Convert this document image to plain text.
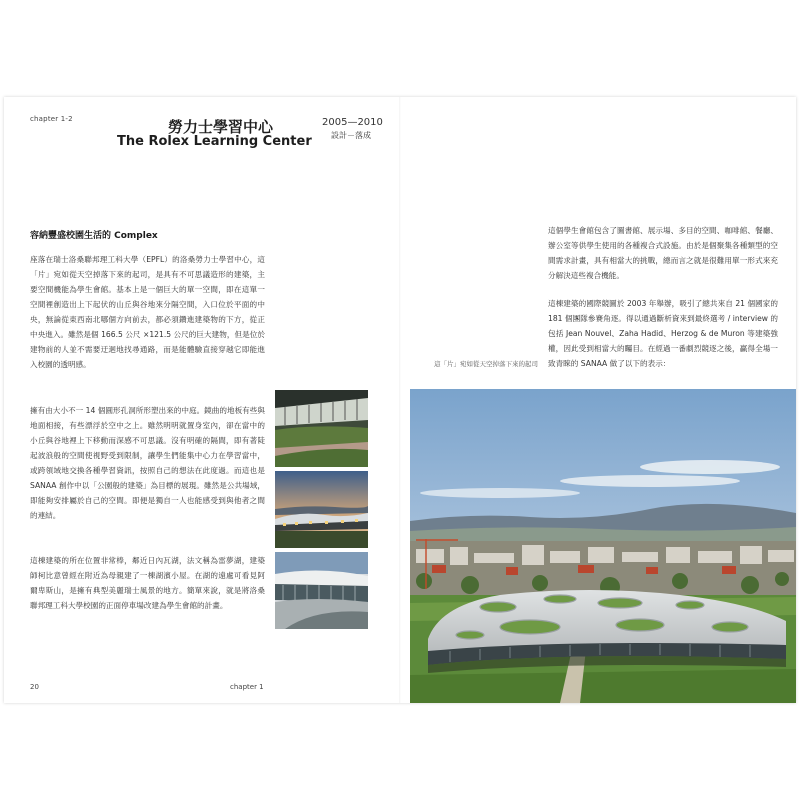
chapter 1-2	勞力士學習中心
The Rolex Learning Center
2005—2010
設計－落成
容納豐盛校園生活的 Complex

座落在瑞士洛桑聯邦理工科大學（EPFL）的洛桑勞力士學習中心，這「片」宛如從天空掉落下來的起司，是具有不可思議造形的建築，主要空間機能為學生會館。基本上是一個巨大的單一空間，即在這單一空間裡創造出上下起伏的山丘與谷地來分隔空間，入口位於平面的中央，無論從東西南北哪個方向前去，都必須鑽進建築物的下方，從正中央進入。雖然是個 166.5 公尺 ×121.5 公尺的巨大建物，但是位於建物前的人並不需要迂迴地找尋通路，而是能體驗直接穿越它即能進入校園的透明感。

擁有由大小不一 14 個圓形孔洞所形塑出來的中庭。鏡曲的地板有些與地面相接，有些漂浮於空中之上。雖然明明就置身室內，卻在當中的小丘與谷地裡上下移動而深感不可思議。沒有明確的隔間，即有著陡起波浪般的空間使視野受到限制，讓學生們能集中心力在學習當中，或跨領域地交換各種學習資訊，按照自己的想法在此度過。而這也是 SANAA 創作中以「公園般的建築」為目標的展現。雖然是公共場域，即能夠安排屬於自己的空間。即便是獨自一人也能感受到與他者之間的連結。

這棟建築的所在位置非常棒，鄰近日內瓦湖，法文稱為雷夢湖，建築師柯比意曾經在附近為母親建了一棟湖濱小屋。在湖的遠處可看見阿爾卑斯山，是擁有典型美麗瑞士風景的地方。簡單來說，就是將洛桑聯邦理工科大學校園的正面停車場改建為學生會館的計畫。

20	chapter 1

這個學生會館包含了圖書館、展示場、多目的空間、咖啡館、餐廳、辦公室等供學生使用的各種複合式設施。由於是個聚集各種類型的空間需求計畫，具有相當大的挑戰，總而言之就是很難用單一形式來充分解決這些複合機能。

這棟建築的國際競圖於 2003 年舉辦，吸引了總共來自 21 個國家的 181 個團隊參賽角逐。得以通過斷析資來到最終選考 / interview 的包括 Jean Nouvel、Zaha Hadid、Herzog & de Muron 等建築強權，因此受到相當大的矚目。在經過一番劇烈競逐之後，贏得全場一致青睞的 SANAA 做了以下的表示：

這「片」宛如從天空掉落下來的起司
